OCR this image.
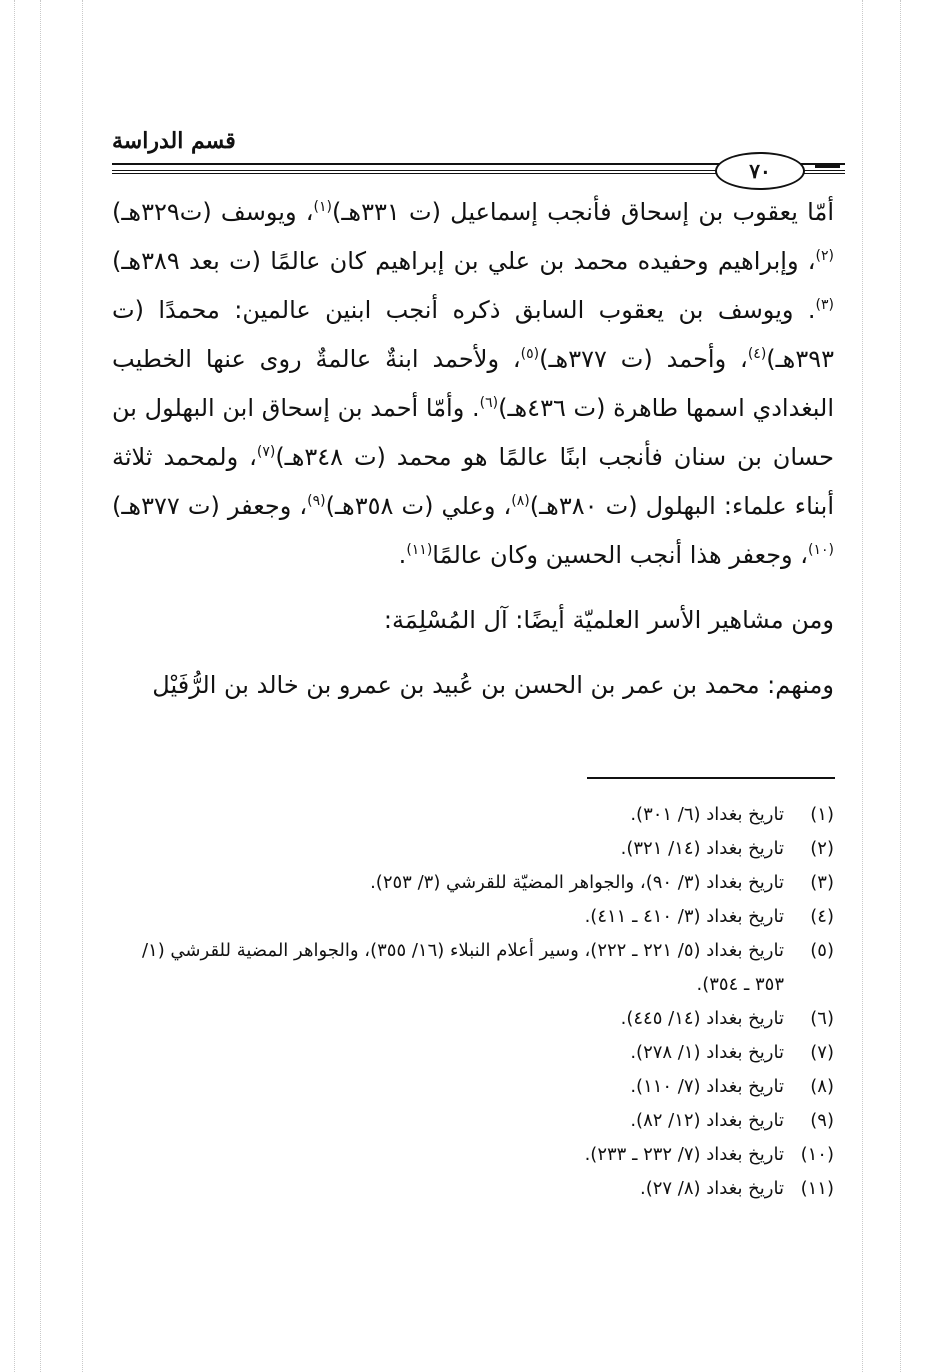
قسم الدراسة
٧٠

أمّا يعقوب بن إسحاق فأنجب إسماعيل (ت ٣٣١هـ)$^{(١)}$، ويوسف (ت٣٢٩هـ)$^{(٢)}$، وإبراهيم وحفيده محمد بن علي بن إبراهيم كان عالمًا (ت بعد ٣٨٩هـ)$^{(٣)}$. ويوسف بن يعقوب السابق ذكره أنجب ابنين عالمين: محمدًا (ت ٣٩٣هـ)$^{(٤)}$، وأحمد (ت ٣٧٧هـ)$^{(٥)}$، ولأحمد ابنةٌ عالمةٌ روى عنها الخطيب البغدادي اسمها طاهرة (ت ٤٣٦هـ)$^{(٦)}$. وأمّا أحمد بن إسحاق ابن البهلول بن حسان بن سنان فأنجب ابنًا عالمًا هو محمد (ت ٣٤٨هـ)$^{(٧)}$، ولمحمد ثلاثة أبناء علماء: البهلول (ت ٣٨٠هـ)$^{(٨)}$، وعلي (ت ٣٥٨هـ)$^{(٩)}$، وجعفر (ت ٣٧٧هـ)$^{(١٠)}$، وجعفر هذا أنجب الحسين وكان عالمًا$^{(١١)}$.

ومن مشاهير الأسر العلميّة أيضًا: آل المُسْلِمَة:

ومنهم: محمد بن عمر بن الحسن بن عُبيد بن عمرو بن خالد بن الرُّفَيْل

(١)
تاريخ بغداد (٦/ ٣٠١).
(٢)
تاريخ بغداد (١٤/ ٣٢١).
(٣)
تاريخ بغداد (٣/ ٩٠)، والجواهر المضيّة للقرشي (٣/ ٢٥٣).
(٤)
تاريخ بغداد (٣/ ٤١٠ ـ ٤١١).
(٥)
تاريخ بغداد (٥/ ٢٢١ ـ ٢٢٢)، وسير أعلام النبلاء (١٦/ ٣٥٥)، والجواهر المضية للقرشي (١/ ٣٥٣ ـ ٣٥٤).
(٦)
تاريخ بغداد (١٤/ ٤٤٥).
(٧)
تاريخ بغداد (١/ ٢٧٨).
(٨)
تاريخ بغداد (٧/ ١١٠).
(٩)
تاريخ بغداد (١٢/ ٨٢).
(١٠)
تاريخ بغداد (٧/ ٢٣٢ ـ ٢٣٣).
(١١)
تاريخ بغداد (٨/ ٢٧).
